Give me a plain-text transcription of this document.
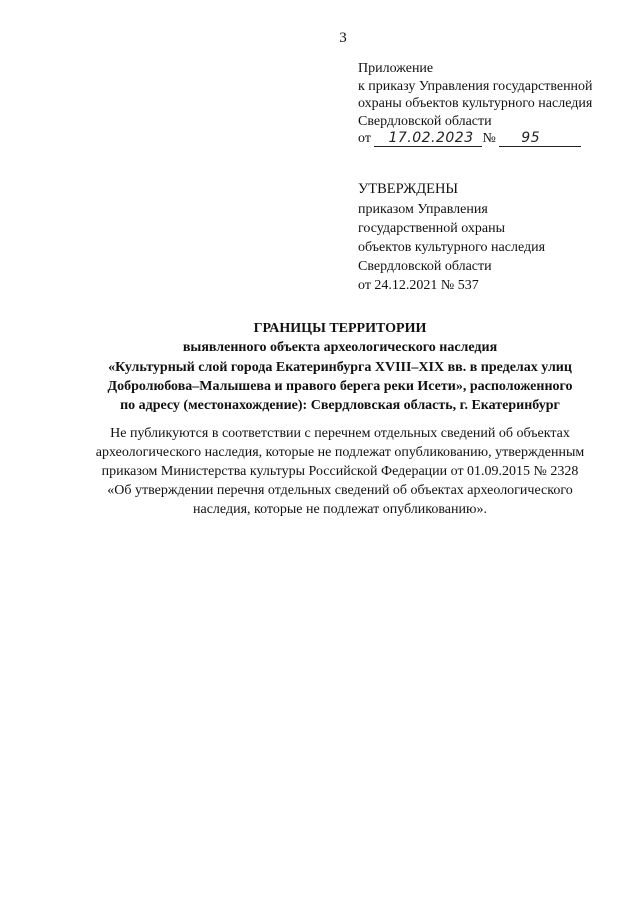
3
Приложение
к приказу Управления государственной
охраны объектов культурного наследия
Свердловской области
от 17.02.2023 № 95
УТВЕРЖДЕНЫ
приказом Управления
государственной охраны
объектов культурного наследия
Свердловской области
от 24.12.2021 № 537
ГРАНИЦЫ ТЕРРИТОРИИ
выявленного объекта археологического наследия
«Культурный слой города Екатеринбурга XVIII–XIX вв. в пределах улиц
Добролюбова–Малышева и правого берега реки Исети», расположенного
по адресу (местонахождение): Свердловская область, г. Екатеринбург
Не публикуются в соответствии с перечнем отдельных сведений об объектах
археологического наследия, которые не подлежат опубликованию, утвержденным
приказом Министерства культуры Российской Федерации от 01.09.2015 № 2328
«Об утверждении перечня отдельных сведений об объектах археологического
наследия, которые не подлежат опубликованию».
